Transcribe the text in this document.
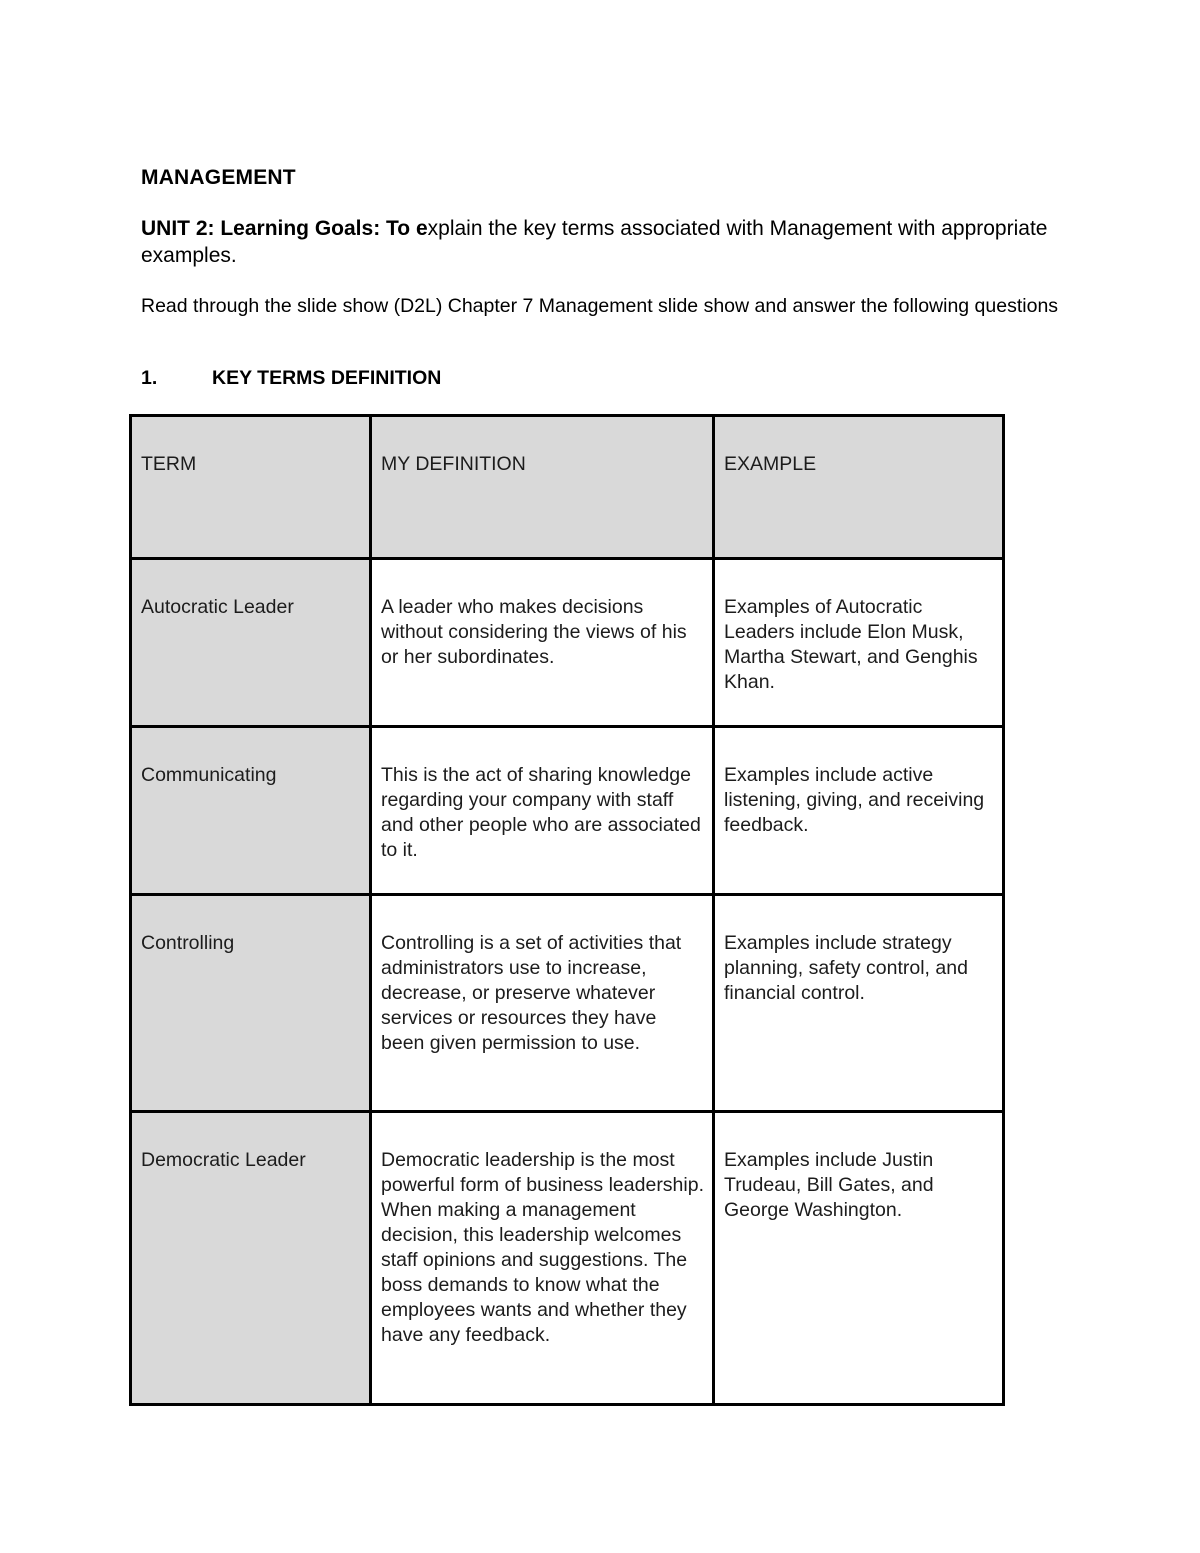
MANAGEMENT
UNIT 2: Learning Goals: To explain the key terms associated with Management with appropriate examples.
Read through the slide show (D2L) Chapter 7 Management slide show and answer the following questions
1.	KEY TERMS DEFINITION
TERM	MY DEFINITION	EXAMPLE
Autocratic Leader	A leader who makes decisions without considering the views of his or her subordinates.	Examples of Autocratic Leaders include Elon Musk, Martha Stewart, and Genghis Khan.
Communicating	This is the act of sharing knowledge regarding your company with staff and other people who are associated to it.	Examples include active listening, giving, and receiving feedback.
Controlling	Controlling is a set of activities that administrators use to increase, decrease, or preserve whatever services or resources they have been given permission to use.	Examples include strategy planning, safety control, and financial control.
Democratic Leader	Democratic leadership is the most powerful form of business leadership. When making a management decision, this leadership welcomes staff opinions and suggestions. The boss demands to know what the employees wants and whether they have any feedback.	Examples include Justin Trudeau, Bill Gates, and George Washington.
